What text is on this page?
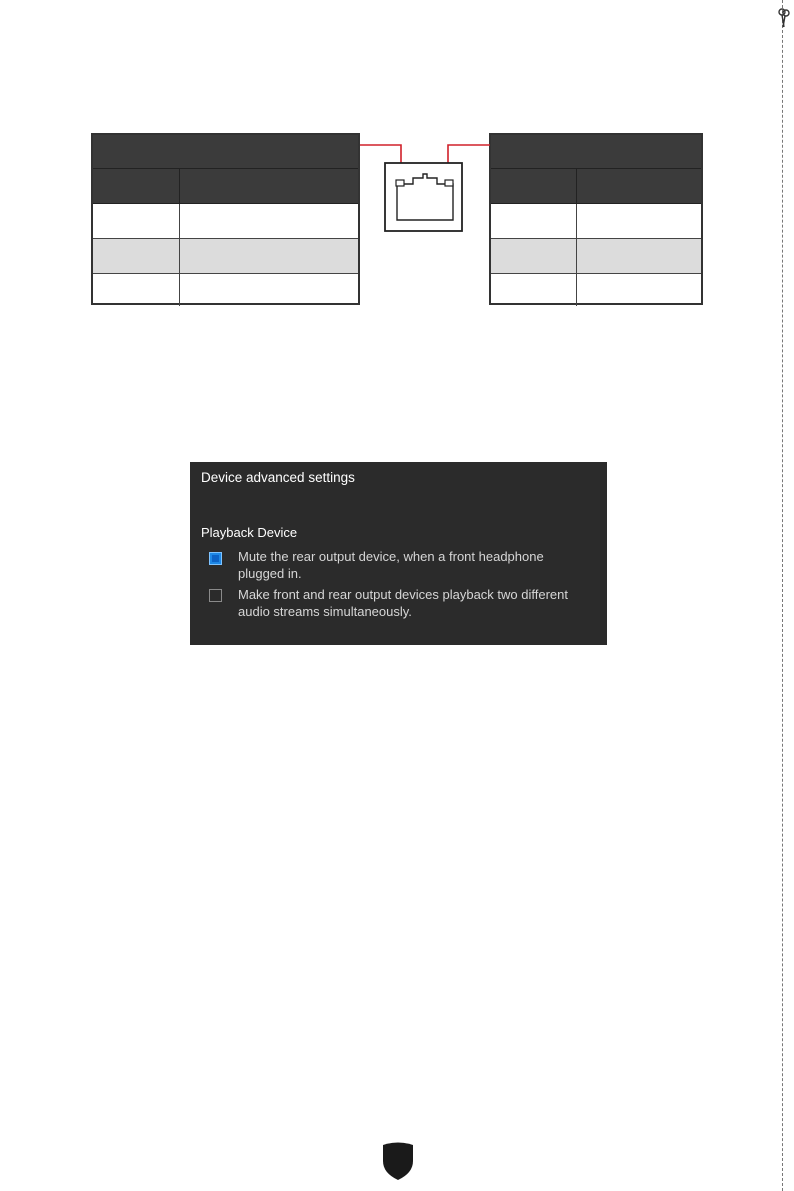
Device advanced settings
Playback Device
Mute the rear output device, when a front headphone
plugged in.
Make front and rear output devices playback two different
audio streams simultaneously.
